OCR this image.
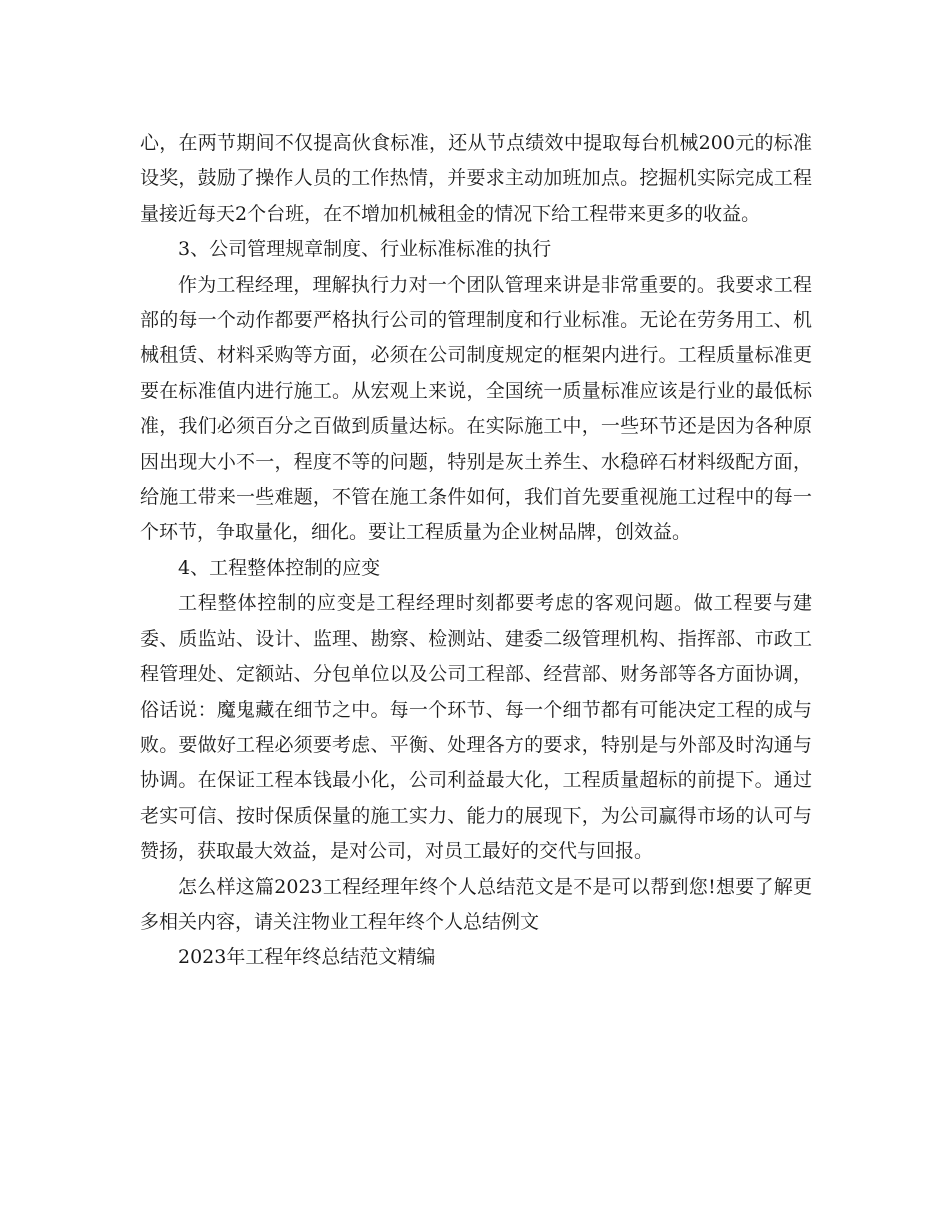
心，在两节期间不仅提高伙食标准，还从节点绩效中提取每台机械200元的标准设奖，鼓励了操作人员的工作热情，并要求主动加班加点。挖掘机实际完成工程量接近每天2个台班，在不增加机械租金的情况下给工程带来更多的收益。

3、公司管理规章制度、行业标准标准的执行

作为工程经理，理解执行力对一个团队管理来讲是非常重要的。我要求工程部的每一个动作都要严格执行公司的管理制度和行业标准。无论在劳务用工、机械租赁、材料采购等方面，必须在公司制度规定的框架内进行。工程质量标准更要在标准值内进行施工。从宏观上来说，全国统一质量标准应该是行业的最低标准，我们必须百分之百做到质量达标。在实际施工中，一些环节还是因为各种原因出现大小不一，程度不等的问题，特别是灰土养生、水稳碎石材料级配方面，给施工带来一些难题，不管在施工条件如何，我们首先要重视施工过程中的每一个环节，争取量化，细化。要让工程质量为企业树品牌，创效益。

4、工程整体控制的应变

工程整体控制的应变是工程经理时刻都要考虑的客观问题。做工程要与建委、质监站、设计、监理、勘察、检测站、建委二级管理机构、指挥部、市政工程管理处、定额站、分包单位以及公司工程部、经营部、财务部等各方面协调，俗话说：魔鬼藏在细节之中。每一个环节、每一个细节都有可能决定工程的成与败。要做好工程必须要考虑、平衡、处理各方的要求，特别是与外部及时沟通与协调。在保证工程本钱最小化，公司利益最大化，工程质量超标的前提下。通过老实可信、按时保质保量的施工实力、能力的展现下，为公司赢得市场的认可与赞扬，获取最大效益，是对公司，对员工最好的交代与回报。

怎么样这篇2023工程经理年终个人总结范文是不是可以帮到您!想要了解更多相关内容，请关注物业工程年终个人总结例文

2023年工程年终总结范文精编
